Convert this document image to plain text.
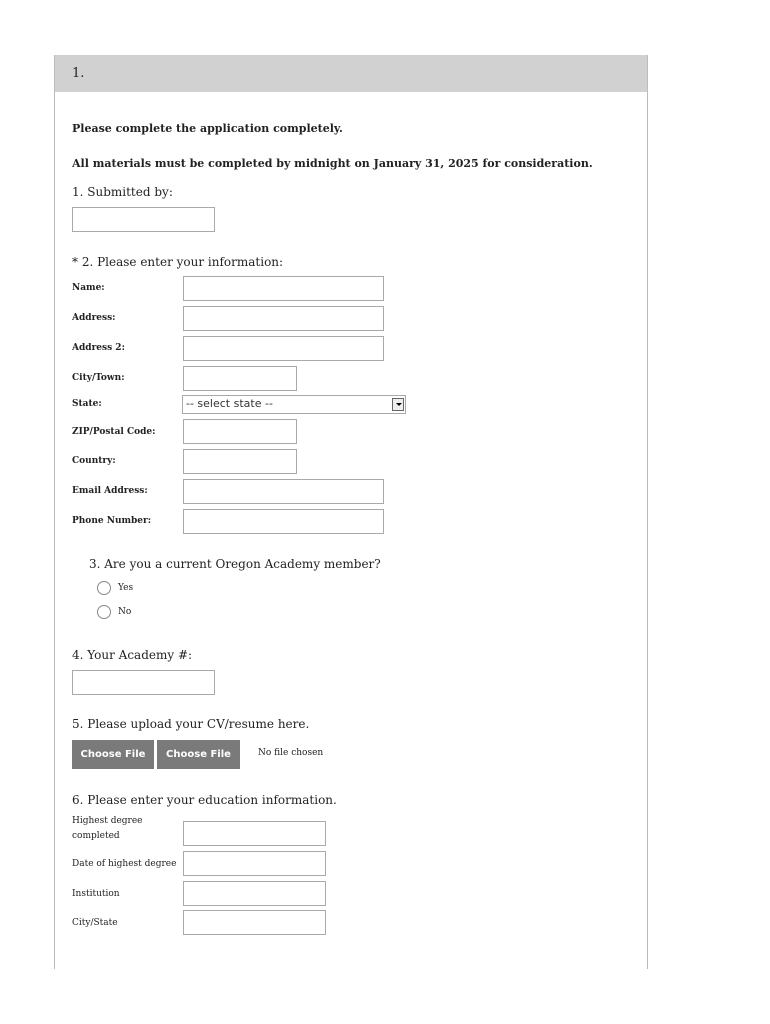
1.
Please complete the application completely.
All materials must be completed by midnight on January 31, 2025 for consideration.
1. Submitted by:
* 2. Please enter your information:
Name:
Address:
Address 2:
City/Town:
State:	-- select state --
ZIP/Postal Code:
Country:
Email Address:
Phone Number:
3. Are you a current Oregon Academy member?
Yes
No
4. Your Academy #:
5. Please upload your CV/resume here.
Choose File	Choose File	No file chosen
6. Please enter your education information.
Highest degree completed
Date of highest degree
Institution
City/State
